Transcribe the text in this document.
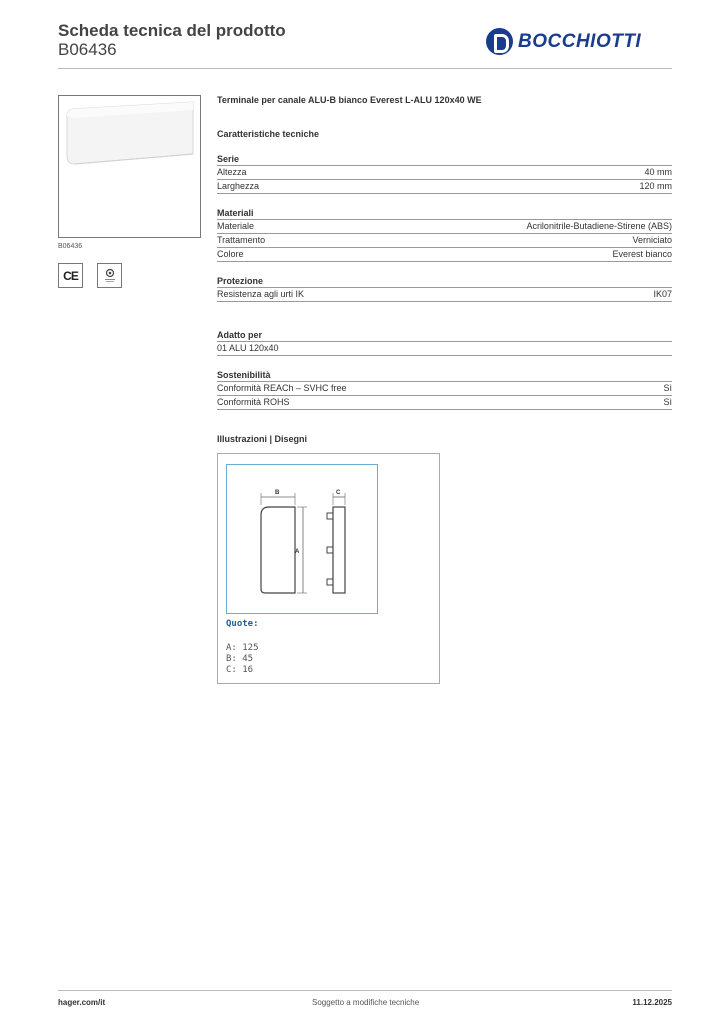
Scheda tecnica del prodotto
B06436	BOCCHIOTTI
B06436
CE
Terminale per canale ALU-B bianco Everest L-ALU 120x40 WE
Caratteristiche tecniche
Serie
Altezza	40 mm
Larghezza	120 mm
Materiali
Materiale	Acrilonitrile-Butadiene-Stirene (ABS)
Trattamento	Verniciato
Colore	Everest bianco
Protezione
Resistenza agli urti IK	IK07
Adatto per
01 ALU 120x40
Sostenibilità
Conformità REACh – SVHC free	Sì
Conformità ROHS	Sì
Illustrazioni | Disegni
B
A
C
Quote:
A: 125
B: 45
C: 16
hager.com/it	Soggetto a modifiche tecniche	11.12.2025
